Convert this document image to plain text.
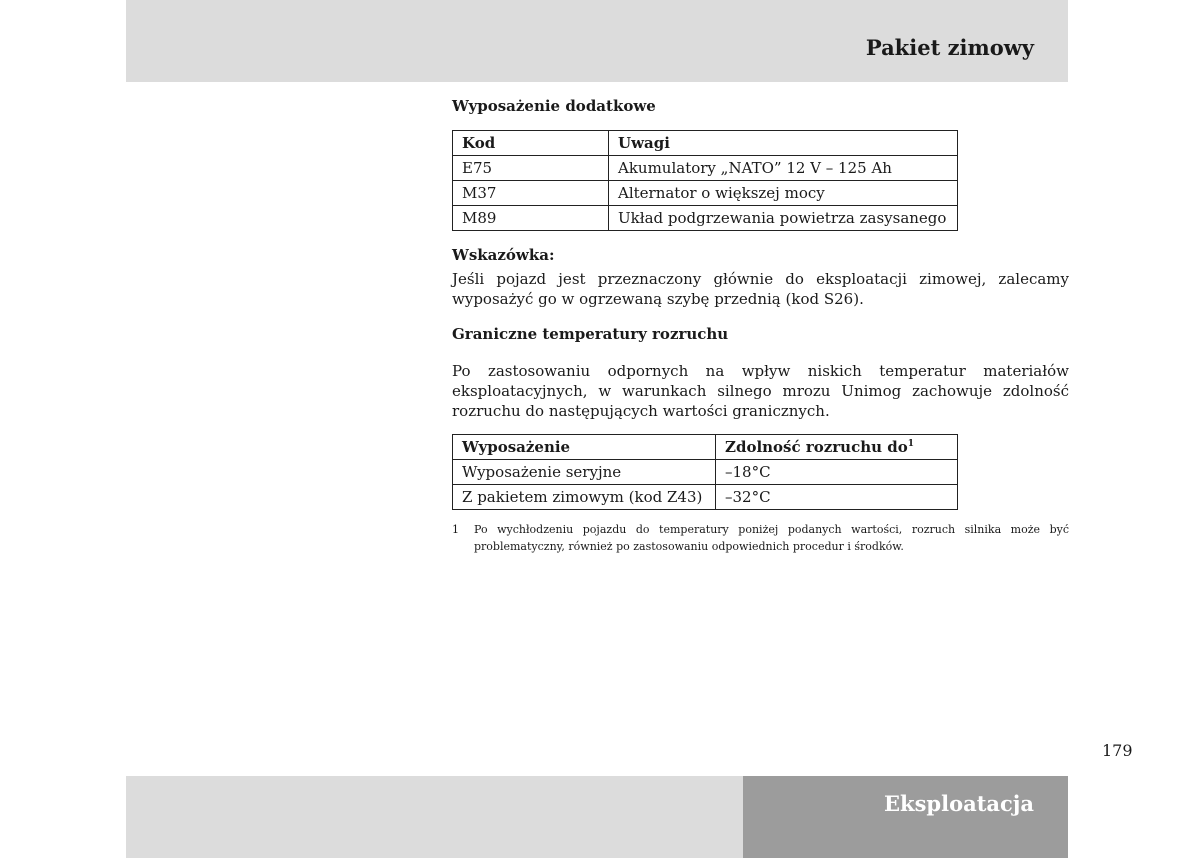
Pakiet zimowy
Wyposażenie dodatkowe
Kod	Uwagi
E75	Akumulatory „NATO” 12 V – 125 Ah
M37	Alternator o większej mocy
M89	Układ podgrzewania powietrza zasysanego

Wskazówka:

Jeśli pojazd jest przeznaczony głównie do eksploatacji zimowej, zalecamy wyposażyć go w ogrzewaną szybę przednią (kod S26).

Graniczne temperatury rozruchu

Po zastosowaniu odpornych na wpływ niskich temperatur materiałów eksploatacyjnych, w warunkach silnego mrozu Unimog zachowuje zdolność rozruchu do następujących wartości granicznych.

Wyposażenie	Zdolność rozruchu $do^1$
Wyposażenie seryjne	–18°C
Z pakietem zimowym (kod Z43)	–32°C
1 Po wychłodzeniu pojazdu do temperatury poniżej podanych wartości, rozruch silnika może być problematyczny, również po zastosowaniu odpowiednich procedur i środków.
179
Eksploatacja
